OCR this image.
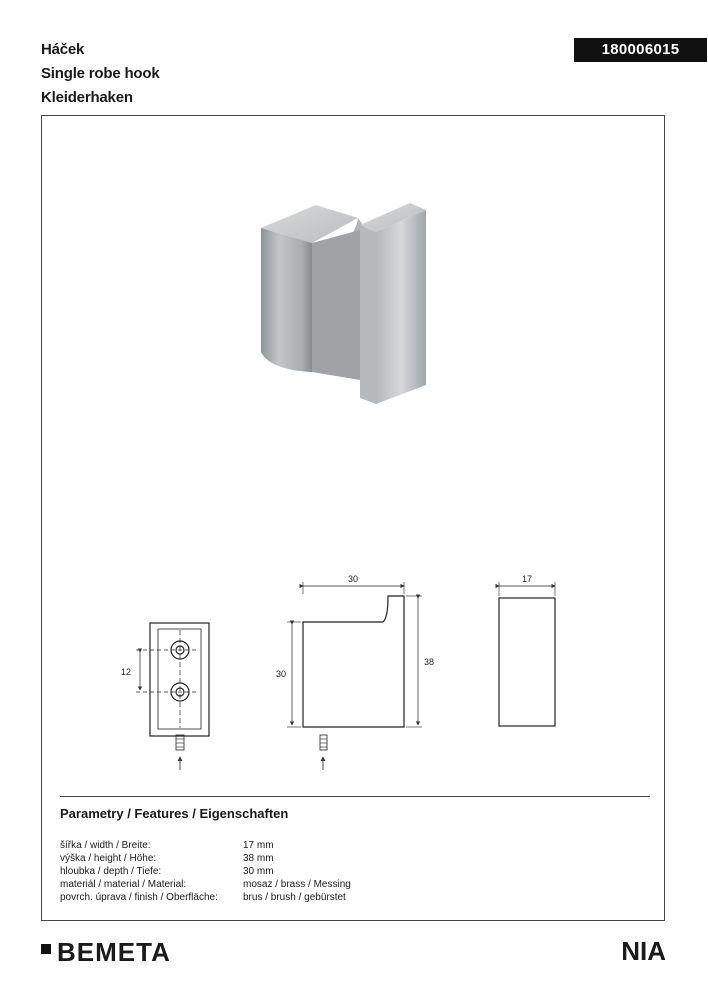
Háček
Single robe hook
Kleiderhaken
180006015
12
30
30
38
17
Parametry / Features / Eigenschaften
šířka / width / Breite:	17 mm
výška / height / Höhe:	38 mm
hloubka / depth / Tiefe:	30 mm
materiál / material / Material:	mosaz / brass / Messing
povrch. úprava / finish / Oberfläche:	brus / brush / gebürstet
BEMETA	NIA
